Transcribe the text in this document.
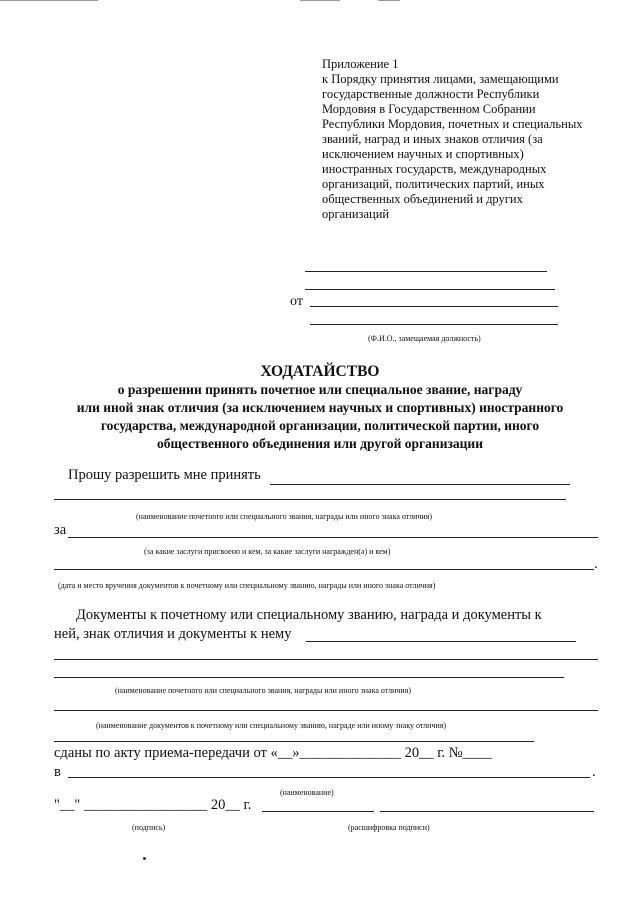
Приложение 1
к Порядку принятия лицами, замещающими
государственные должности Республики
Мордовия в Государственном Собрании
Республики Мордовия, почетных и специальных
званий, наград и иных знаков отличия (за
исключением научных и спортивных)
иностранных государств, международных
организаций, политических партий, иных
общественных объединений и других
организаций
от
(Ф.И.О., замещаемая должность)
ХОДАТАЙСТВО
о разрешении принять почетное или специальное звание, награду
или иной знак отличия (за исключением научных и спортивных) иностранного
государства, международной организации, политической партии, иного
общественного объединения или другой организации
Прошу разрешить мне принять
(наименование почетного или специального звания, награды или иного знака отличия)
за
(за какие заслуги присвоено и кем, за какие заслуги награжден(а) и кем)
.
(дата и место вручения документов к почетному или специальному званию, награды или иного знака отличия)
Документы к почетному или специальному званию, награда и документы к
ней, знак отличия и документы к нему
(наименование почетного или специального звания, награды или иного знака отличия)
(наименование документов к почетному или специальному званию, награде или иному знаку отличия)
сданы по акту приема-передачи от «__»______________ 20__ г. №____
в	.
(наименование)
"__" _________________ 20__ г.
(подпись)	(расшифровка подписи)
